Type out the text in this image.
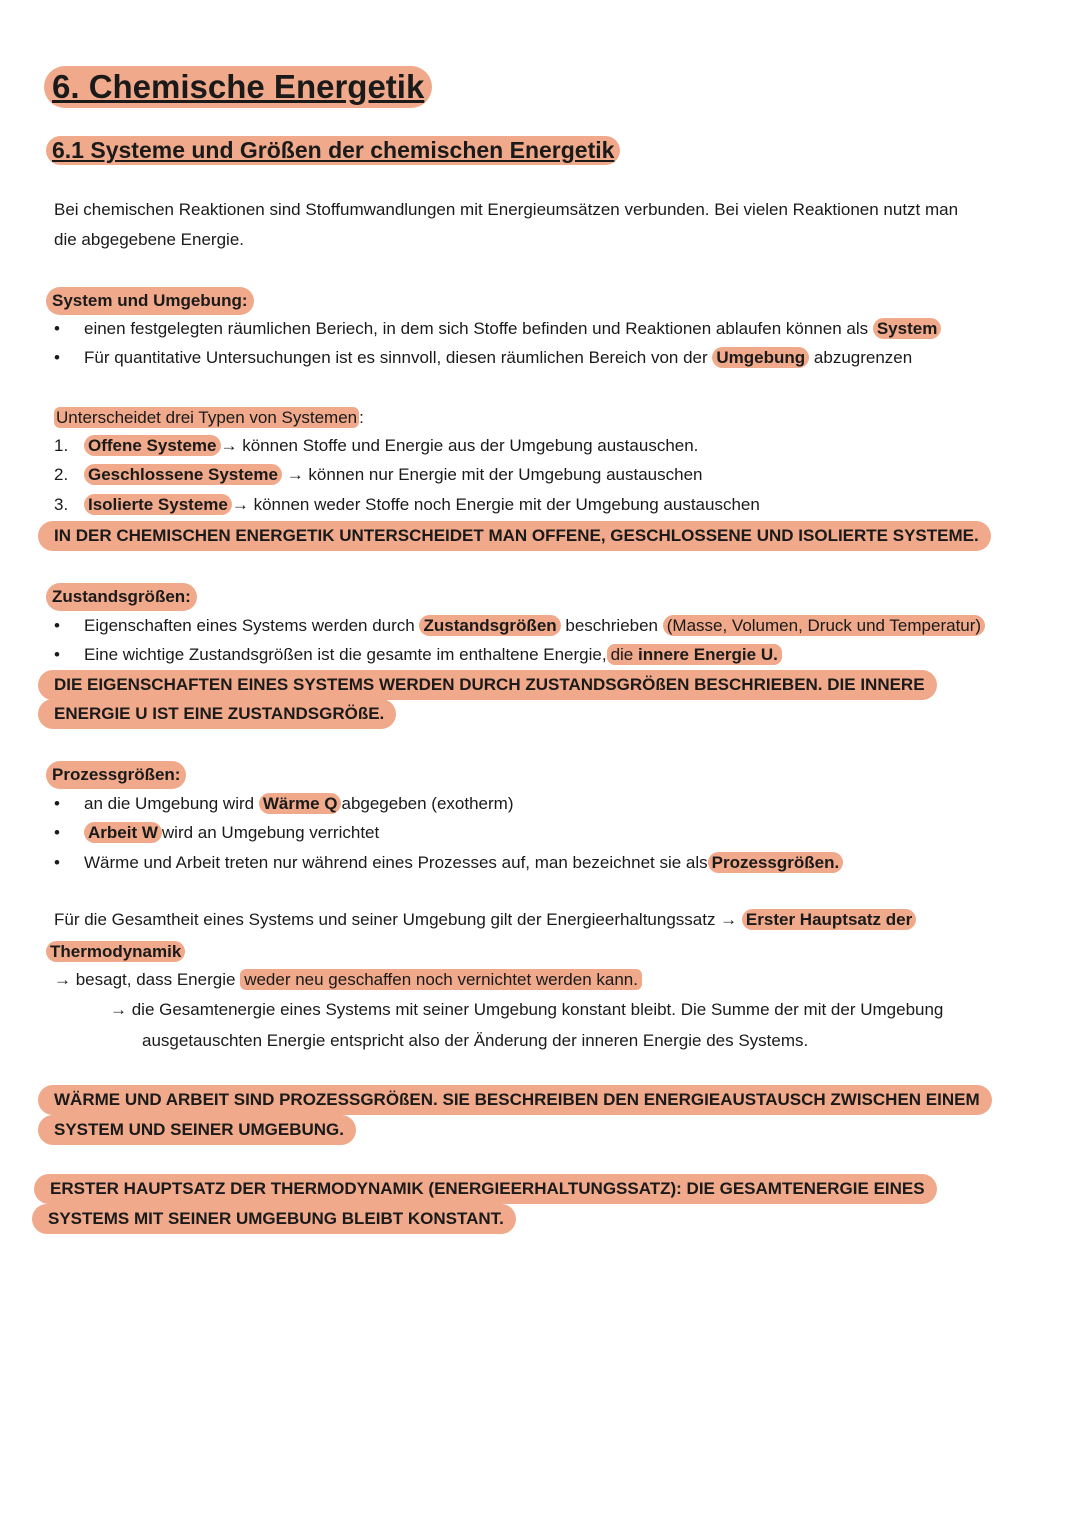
6. Chemische Energetik
6.1 Systeme und Größen der chemischen Energetik
Bei chemischen Reaktionen sind Stoffumwandlungen mit Energieumsätzen verbunden. Bei vielen Reaktionen nutzt man
die abgegebene Energie.
System und Umgebung:
• einen festgelegten räumlichen Beriech, in dem sich Stoffe befinden und Reaktionen ablaufen können als System
• Für quantitative Untersuchungen ist es sinnvoll, diesen räumlichen Bereich von der Umgebung abzugrenzen
Unterscheidet drei Typen von Systemen :
1. Offene Systeme → können Stoffe und Energie aus der Umgebung austauschen.
2. Geschlossene Systeme → können nur Energie mit der Umgebung austauschen
3. Isolierte Systeme → können weder Stoffe noch Energie mit der Umgebung austauschen
IN DER CHEMISCHEN ENERGETIK UNTERSCHEIDET MAN OFFENE, GESCHLOSSENE UND ISOLIERTE SYSTEME.
Zustandsgrößen:
• Eigenschaften eines Systems werden durch Zustandsgrößen beschrieben (Masse, Volumen, Druck und Temperatur)
• Eine wichtige Zustandsgrößen ist die gesamte im enthaltene Energie, die innere Energie U.
DIE EIGENSCHAFTEN EINES SYSTEMS WERDEN DURCH ZUSTANDSGRÖßEN BESCHRIEBEN. DIE INNERE
ENERGIE U IST EINE ZUSTANDSGRÖßE.
Prozessgrößen:
• an die Umgebung wird Wärme Q abgegeben (exotherm)
• Arbeit W wird an Umgebung verrichtet
• Wärme und Arbeit treten nur während eines Prozesses auf, man bezeichnet sie als Prozessgrößen.
Für die Gesamtheit eines Systems und seiner Umgebung gilt der Energieerhaltungssatz → Erster Hauptsatz der
Thermodynamik
→ besagt, dass Energie weder neu geschaffen noch vernichtet werden kann.
→ die Gesamtenergie eines Systems mit seiner Umgebung konstant bleibt. Die Summe der mit der Umgebung
ausgetauschten Energie entspricht also der Änderung der inneren Energie des Systems.
WÄRME UND ARBEIT SIND PROZESSGRÖßEN. SIE BESCHREIBEN DEN ENERGIEAUSTAUSCH ZWISCHEN EINEM
SYSTEM UND SEINER UMGEBUNG.
ERSTER HAUPTSATZ DER THERMODYNAMIK (ENERGIEERHALTUNGSSATZ): DIE GESAMTENERGIE EINES
SYSTEMS MIT SEINER UMGEBUNG BLEIBT KONSTANT.
